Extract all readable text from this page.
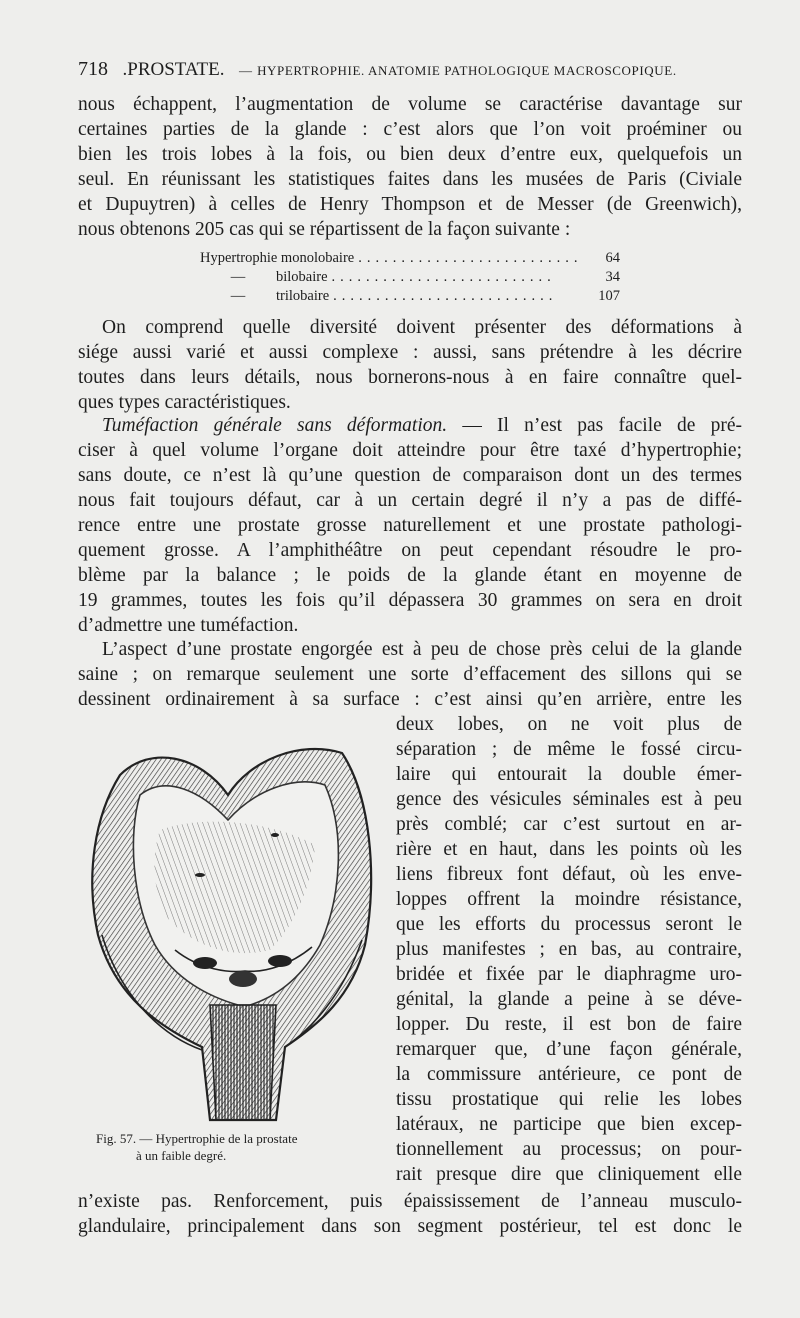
718 .PROSTATE. — HYPERTROPHIE. ANATOMIE PATHOLOGIQUE MACROSCOPIQUE.
nous échappent, l’augmentation de volume se caractérise davantage sur
certaines parties de la glande : c’est alors que l’on voit proéminer ou
bien les trois lobes à la fois, ou bien deux d’entre eux, quelquefois un
seul. En réunissant les statistiques faites dans les musées de Paris (Civiale
et Dupuytren) à celles de Henry Thompson et de Messer (de Greenwich),
nous obtenons 205 cas qui se répartissent de la façon suivante :
Hypertrophie monolobaire ..........................	64
—	bilobaire ..........................	34
—	trilobaire ..........................	107
On comprend quelle diversité doivent présenter des déformations à
siége aussi varié et aussi complexe : aussi, sans prétendre à les décrire
toutes dans leurs détails, nous bornerons-nous à en faire connaître quel-
ques types caractéristiques.
Tuméfaction générale sans déformation. — Il n’est pas facile de pré-
ciser à quel volume l’organe doit atteindre pour être taxé d’hypertrophie;
sans doute, ce n’est là qu’une question de comparaison dont un des termes
nous fait toujours défaut, car à un certain degré il n’y a pas de diffé-
rence entre une prostate grosse naturellement et une prostate pathologi-
quement grosse. A l’amphithéâtre on peut cependant résoudre le pro-
blème par la balance ; le poids de la glande étant en moyenne de
19 grammes, toutes les fois qu’il dépassera 30 grammes on sera en droit
d’admettre une tuméfaction.
L’aspect d’une prostate engorgée est à peu de chose près celui de la glande
saine ; on remarque seulement une sorte d’effacement des sillons qui se
dessinent ordinairement à sa surface : c’est ainsi qu’en arrière, entre les
deux lobes, on ne voit plus de
séparation ; de même le fossé circu-
laire qui entourait la double émer-
gence des vésicules séminales est à peu
près comblé; car c’est surtout en ar-
rière et en haut, dans les points où les
liens fibreux font défaut, où les enve-
loppes offrent la moindre résistance,
que les efforts du processus seront le
plus manifestes ; en bas, au contraire,
bridée et fixée par le diaphragme uro-
génital, la glande a peine à se déve-
lopper. Du reste, il est bon de faire
remarquer que, d’une façon générale,
la commissure antérieure, ce pont de
tissu prostatique qui relie les lobes
latéraux, ne participe que bien excep-
tionnellement au processus; on pour-
rait presque dire que cliniquement elle
Fig. 57. — Hypertrophie de la prostate
à un faible degré.
n’existe pas. Renforcement, puis épaississement de l’anneau musculo-
glandulaire, principalement dans son segment postérieur, tel est donc le
